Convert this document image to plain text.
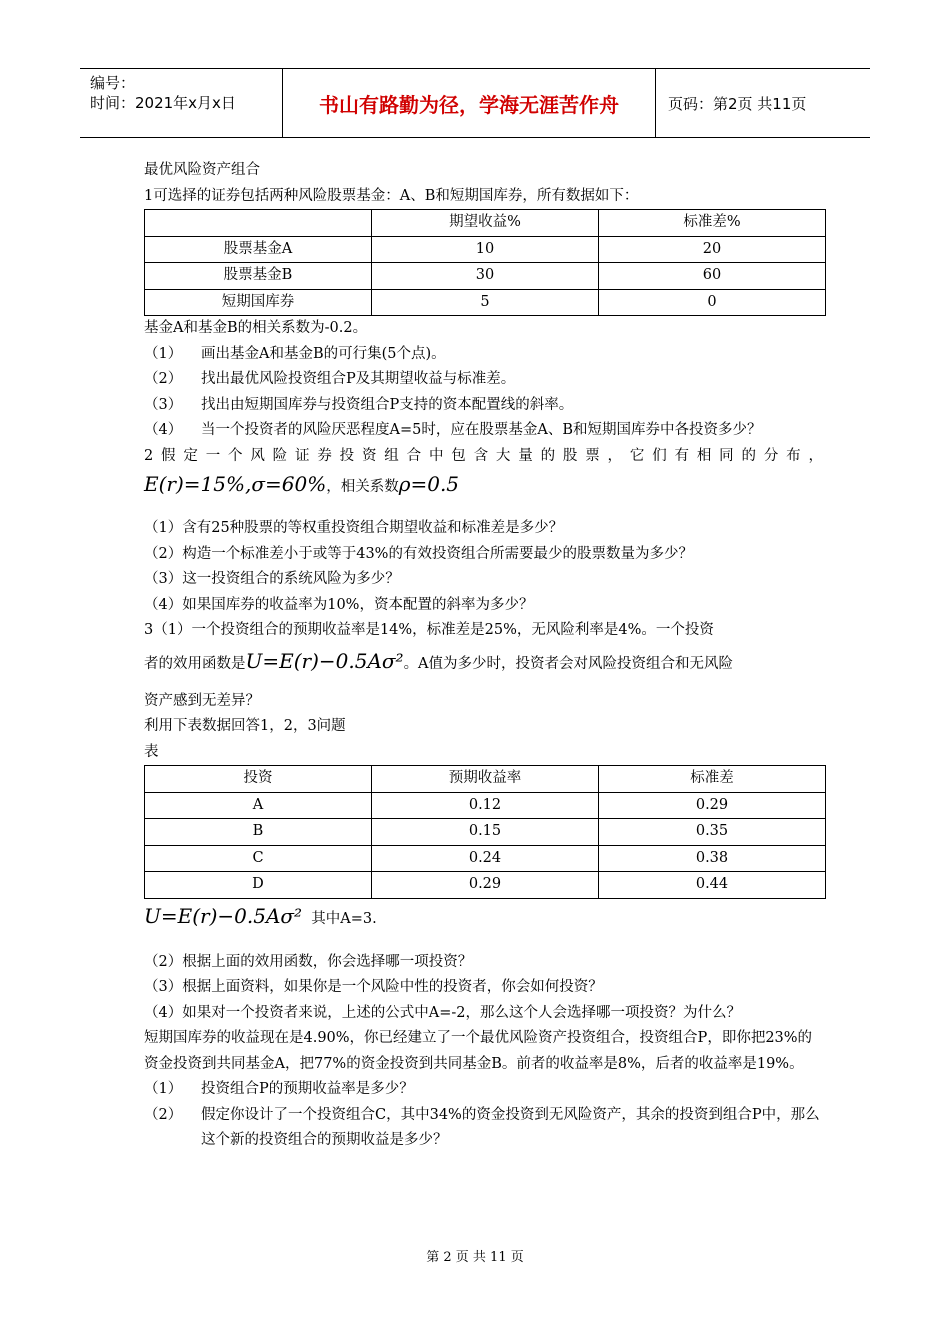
编号：
时间：2021年x月x日	书山有路勤为径，学海无涯苦作舟	页码：第2页 共11页
最优风险资产组合
1可选择的证券包括两种风险股票基金：A、B和短期国库券，所有数据如下：
	期望收益%	标准差%
股票基金A	10	20
股票基金B	30	60
短期国库券	5	0
基金A和基金B的相关系数为-0.2。
（1）	画出基金A和基金B的可行集(5个点)。
（2）	找出最优风险投资组合P及其期望收益与标准差。
（3）	找出由短期国库券与投资组合P支持的资本配置线的斜率。
（4）	当一个投资者的风险厌恶程度A=5时，应在股票基金A、B和短期国库券中各投资多少？
2假定一个风险证券投资组合中包含大量的股票，它们有相同的分布，
E(r)=15%,σ=60%，相关系数ρ=0.5
（1）含有25种股票的等权重投资组合期望收益和标准差是多少？
（2）构造一个标准差小于或等于43%的有效投资组合所需要最少的股票数量为多少？
（3）这一投资组合的系统风险为多少？
（4）如果国库券的收益率为10%，资本配置的斜率为多少？
3（1）一个投资组合的预期收益率是14%，标准差是25%，无风险利率是4%。一个投资
者的效用函数是U=E(r)−0.5Aσ²。A值为多少时，投资者会对风险投资组合和无风险
资产感到无差异？
利用下表数据回答1，2，3问题
表
投资	预期收益率	标准差
A	0.12	0.29
B	0.15	0.35
C	0.24	0.38
D	0.29	0.44
U=E(r)−0.5Aσ² 其中A=3.
（2）根据上面的效用函数，你会选择哪一项投资？
（3）根据上面资料，如果你是一个风险中性的投资者，你会如何投资？
（4）如果对一个投资者来说，上述的公式中A=-2，那么这个人会选择哪一项投资？为什么？
短期国库券的收益现在是4.90%，你已经建立了一个最优风险资产投资组合，投资组合P，即你把23%的资金投资到共同基金A，把77%的资金投资到共同基金B。前者的收益率是8%，后者的收益率是19%。
（1）	投资组合P的预期收益率是多少？
（2）	假定你设计了一个投资组合C，其中34%的资金投资到无风险资产，其余的投资到组合P中，那么这个新的投资组合的预期收益是多少？
第 2 页 共 11 页
